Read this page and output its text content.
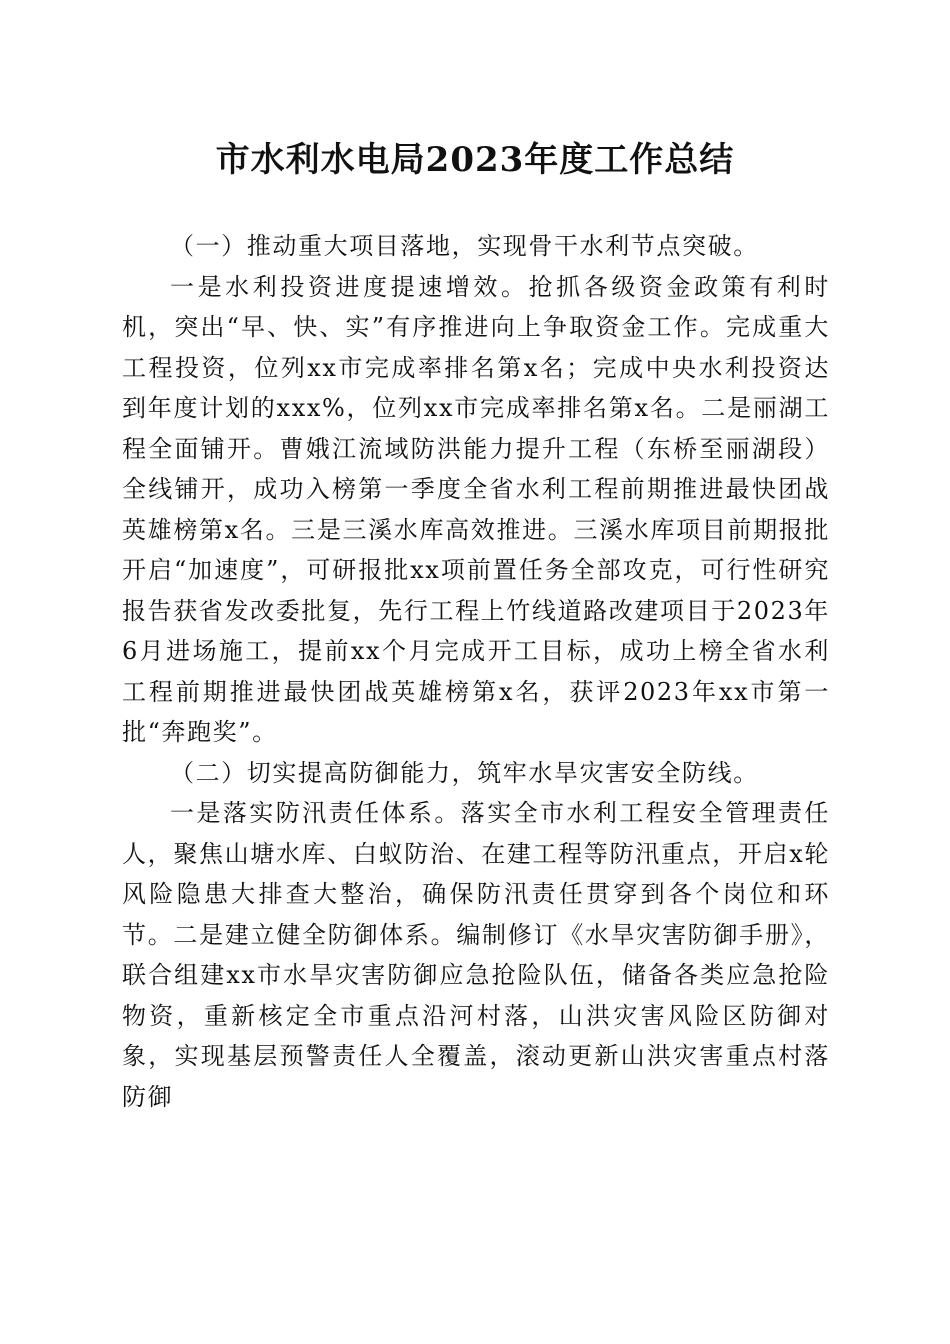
市水利水电局2023年度工作总结

（一）推动重大项目落地，实现骨干水利节点突破。

一是水利投资进度提速增效。抢抓各级资金政策有利时机，突出“早、快、实”有序推进向上争取资金工作。完成重大工程投资，位列xx市完成率排名第x名；完成中央水利投资达到年度计划的xxx%，位列xx市完成率排名第x名。二是丽湖工程全面铺开。曹娥江流域防洪能力提升工程（东桥至丽湖段）全线铺开，成功入榜第一季度全省水利工程前期推进最快团战英雄榜第x名。三是三溪水库高效推进。三溪水库项目前期报批开启“加速度”，可研报批xx项前置任务全部攻克，可行性研究报告获省发改委批复，先行工程上竹线道路改建项目于2023年6月进场施工，提前xx个月完成开工目标，成功上榜全省水利工程前期推进最快团战英雄榜第x名，获评2023年xx市第一批“奔跑奖”。

（二）切实提高防御能力，筑牢水旱灾害安全防线。

一是落实防汛责任体系。落实全市水利工程安全管理责任人，聚焦山塘水库、白蚁防治、在建工程等防汛重点，开启x轮风险隐患大排查大整治，确保防汛责任贯穿到各个岗位和环节。二是建立健全防御体系。编制修订《水旱灾害防御手册》，联合组建xx市水旱灾害防御应急抢险队伍，储备各类应急抢险物资，重新核定全市重点沿河村落，山洪灾害风险区防御对象，实现基层预警责任人全覆盖，滚动更新山洪灾害重点村落防御
